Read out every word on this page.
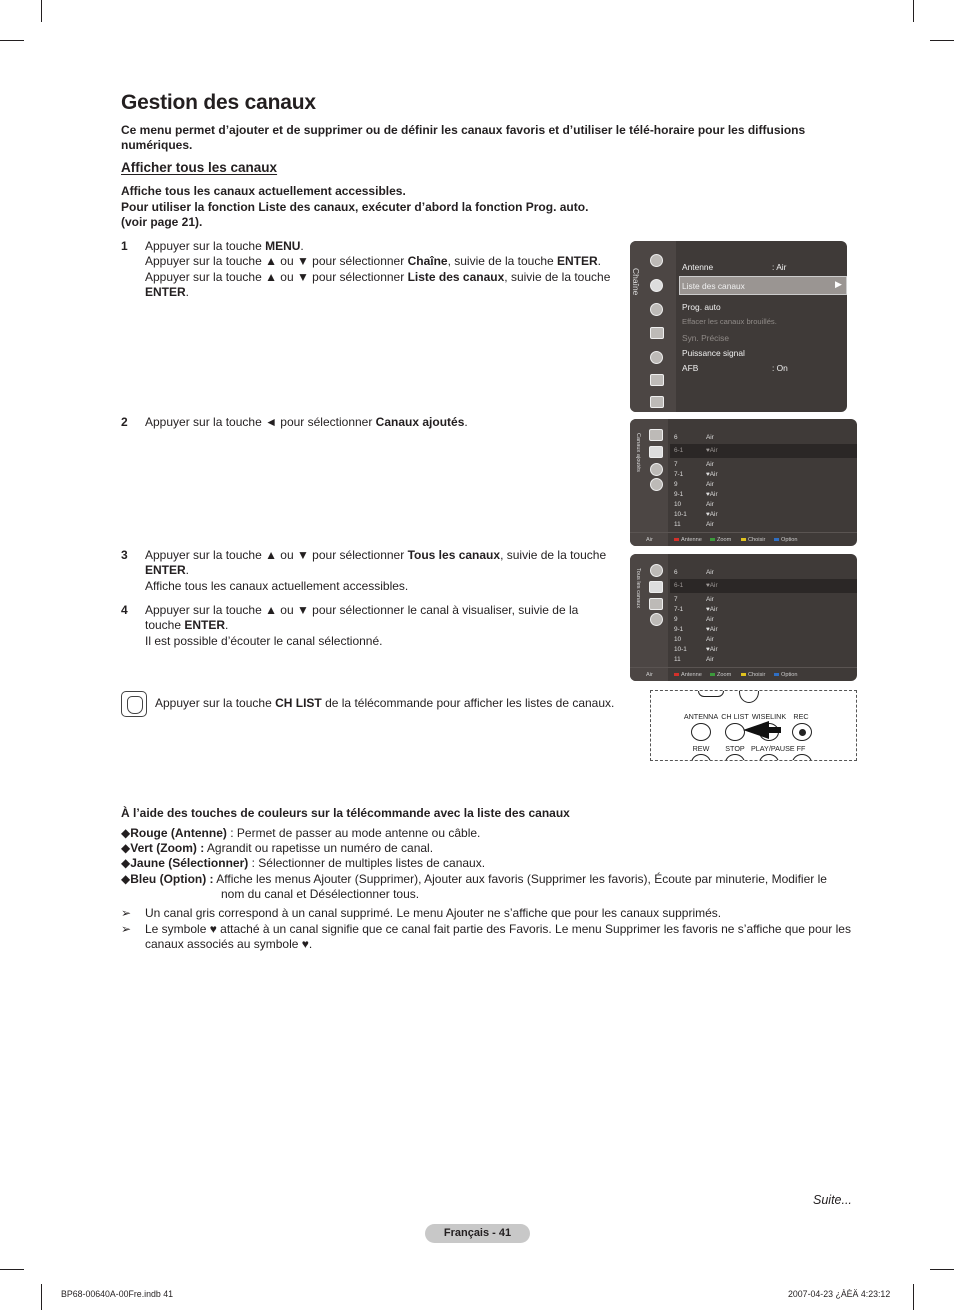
Gestion des canaux
Ce menu permet d’ajouter et de supprimer ou de définir les canaux favoris et d’utiliser le télé-horaire pour les diffusions numériques.
Afficher tous les canaux
Affiche tous les canaux actuellement accessibles.
Pour utiliser la fonction Liste des canaux, exécuter d’abord la fonction Prog. auto.
(voir page 21).
1 Appuyer sur la touche MENU.
Appuyer sur la touche ▲ ou ▼ pour sélectionner Chaîne, suivie de la touche ENTER.
Appuyer sur la touche ▲ ou ▼ pour sélectionner Liste des canaux, suivie de la touche
ENTER.
2 Appuyer sur la touche ◄ pour sélectionner Canaux ajoutés.
3 Appuyer sur la touche ▲ ou ▼ pour sélectionner Tous les canaux, suivie de la touche
ENTER.
Affiche tous les canaux actuellement accessibles.
4 Appuyer sur la touche ▲ ou ▼ pour sélectionner le canal à visualiser, suivie de la
touche ENTER.
Il est possible d’écouter le canal sélectionné.
Chaîne
Antenne	: Air
Liste des canaux	▶
Prog. auto
Effacer les canaux brouillés.
Syn. Précise
Puissance signal
AFB	: On
Canaux ajoutés	6	Air
6-1	♥Air
7	Air
7-1	♥Air
9	Air
9-1	♥Air
10	Air
10-1	♥Air
11	Air
Air	Antenne	Zoom	Choisir	Option
Tous les canaux	6	Air
6-1	♥Air
7	Air
7-1	♥Air
9	Air
9-1	♥Air
10	Air
10-1	♥Air
11	Air
Air	Antenne	Zoom	Choisir	Option
Appuyer sur la touche CH LIST de la télécommande pour afficher les listes de canaux.
ANTENNA CH LIST WISELINK	REC
REW	STOP PLAY/PAUSE FF
À l’aide des touches de couleurs sur la télécommande avec la liste des canaux
◆Rouge (Antenne) : Permet de passer au mode antenne ou câble.
◆Vert (Zoom) : Agrandit ou rapetisse un numéro de canal.
◆Jaune (Sélectionner) : Sélectionner de multiples listes de canaux.
◆Bleu (Option) : Affiche les menus Ajouter (Supprimer), Ajouter aux favoris (Supprimer les favoris), Écoute par minuterie, Modifier le
nom du canal et Désélectionner tous.
➢ Un canal gris correspond à un canal supprimé. Le menu Ajouter ne s’affiche que pour les canaux supprimés.
➢ Le symbole ♥ attaché à un canal signifie que ce canal fait partie des Favoris. Le menu Supprimer les favoris ne s’affiche que pour les canaux associés au symbole ♥.
Suite...
Français - 41
BP68-00640A-00Fre.indb 41	2007-04-23 ¿ÀÈÄ 4:23:12
